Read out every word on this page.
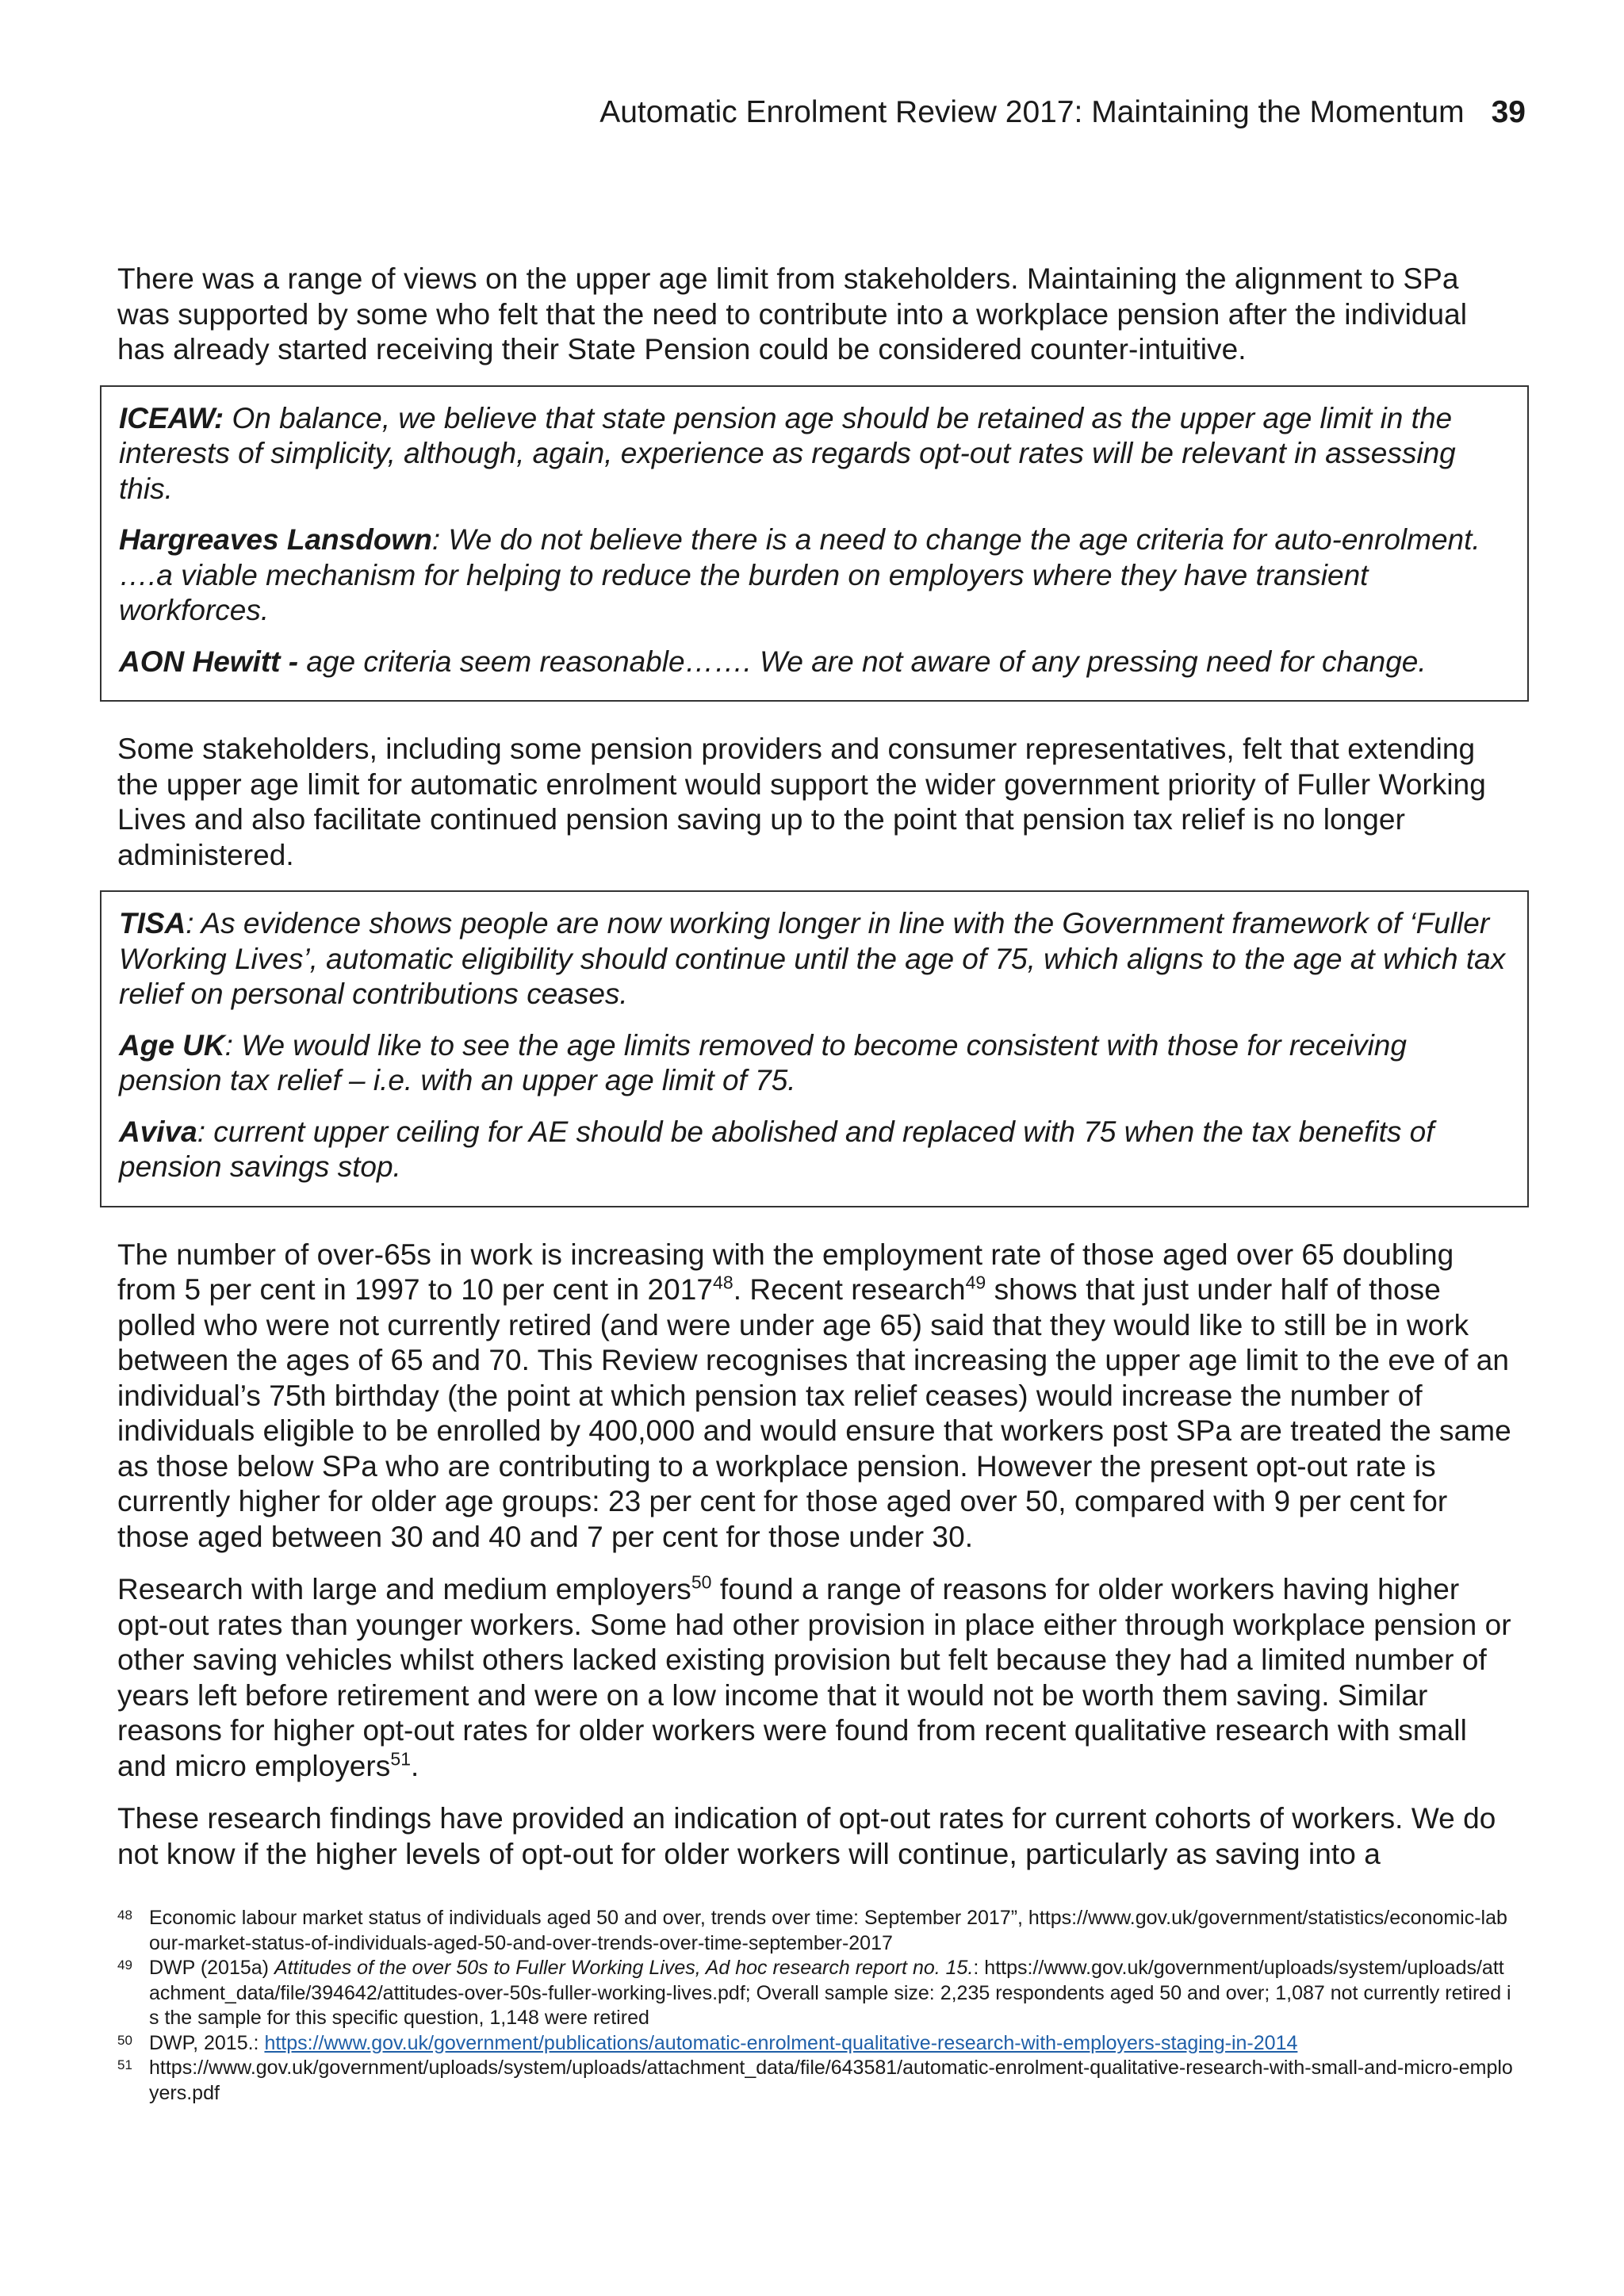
Automatic Enrolment Review 2017: Maintaining the Momentum 39

There was a range of views on the upper age limit from stakeholders. Maintaining the alignment to SPa was supported by some who felt that the need to contribute into a workplace pension after the individual has already started receiving their State Pension could be considered counter-intuitive.

ICEAW: On balance, we believe that state pension age should be retained as the upper age limit in the interests of simplicity, although, again, experience as regards opt-out rates will be relevant in assessing this.

Hargreaves Lansdown: We do not believe there is a need to change the age criteria for auto-enrolment. ….a viable mechanism for helping to reduce the burden on employers where they have transient workforces.

AON Hewitt - age criteria seem reasonable……. We are not aware of any pressing need for change.

Some stakeholders, including some pension providers and consumer representatives, felt that extending the upper age limit for automatic enrolment would support the wider government priority of Fuller Working Lives and also facilitate continued pension saving up to the point that pension tax relief is no longer administered.

TISA: As evidence shows people are now working longer in line with the Government framework of ‘Fuller Working Lives’, automatic eligibility should continue until the age of 75, which aligns to the age at which tax relief on personal contributions ceases.

Age UK: We would like to see the age limits removed to become consistent with those for receiving pension tax relief – i.e. with an upper age limit of 75.

Aviva: current upper ceiling for AE should be abolished and replaced with 75 when the tax benefits of pension savings stop.

The number of over-65s in work is increasing with the employment rate of those aged over 65 doubling from 5 per cent in 1997 to 10 per cent in 2017$^{48}$. Recent research$^{49}$ shows that just under half of those polled who were not currently retired (and were under age 65) said that they would like to still be in work between the ages of 65 and 70. This Review recognises that increasing the upper age limit to the eve of an individual’s 75th birthday (the point at which pension tax relief ceases) would increase the number of individuals eligible to be enrolled by 400,000 and would ensure that workers post SPa are treated the same as those below SPa who are contributing to a workplace pension. However the present opt-out rate is currently higher for older age groups: 23 per cent for those aged over 50, compared with 9 per cent for those aged between 30 and 40 and 7 per cent for those under 30.

Research with large and medium employers$^{50}$ found a range of reasons for older workers having higher opt-out rates than younger workers. Some had other provision in place either through workplace pension or other saving vehicles whilst others lacked existing provision but felt because they had a limited number of years left before retirement and were on a low income that it would not be worth them saving. Similar reasons for higher opt-out rates for older workers were found from recent qualitative research with small and micro employers$^{51}$.

These research findings have provided an indication of opt-out rates for current cohorts of workers. We do not know if the higher levels of opt-out for older workers will continue, particularly as saving into a

48 Economic labour market status of individuals aged 50 and over, trends over time: September 2017”, https://www.gov.uk/government/statistics/economic-labour-market-status-of-individuals-aged-50-and-over-trends-over-time-september-2017

49 DWP (2015a) Attitudes of the over 50s to Fuller Working Lives, Ad hoc research report no. 15.: https://www.gov.uk/government/uploads/system/uploads/attachment_data/file/394642/attitudes-over-50s-fuller-working-lives.pdf; Overall sample size: 2,235 respondents aged 50 and over; 1,087 not currently retired is the sample for this specific question, 1,148 were retired

50 DWP, 2015.: https://www.gov.uk/government/publications/automatic-enrolment-qualitative-research-with-employers-staging-in-2014

51 https://www.gov.uk/government/uploads/system/uploads/attachment_data/file/643581/automatic-enrolment-qualitative-research-with-small-and-micro-employers.pdf
